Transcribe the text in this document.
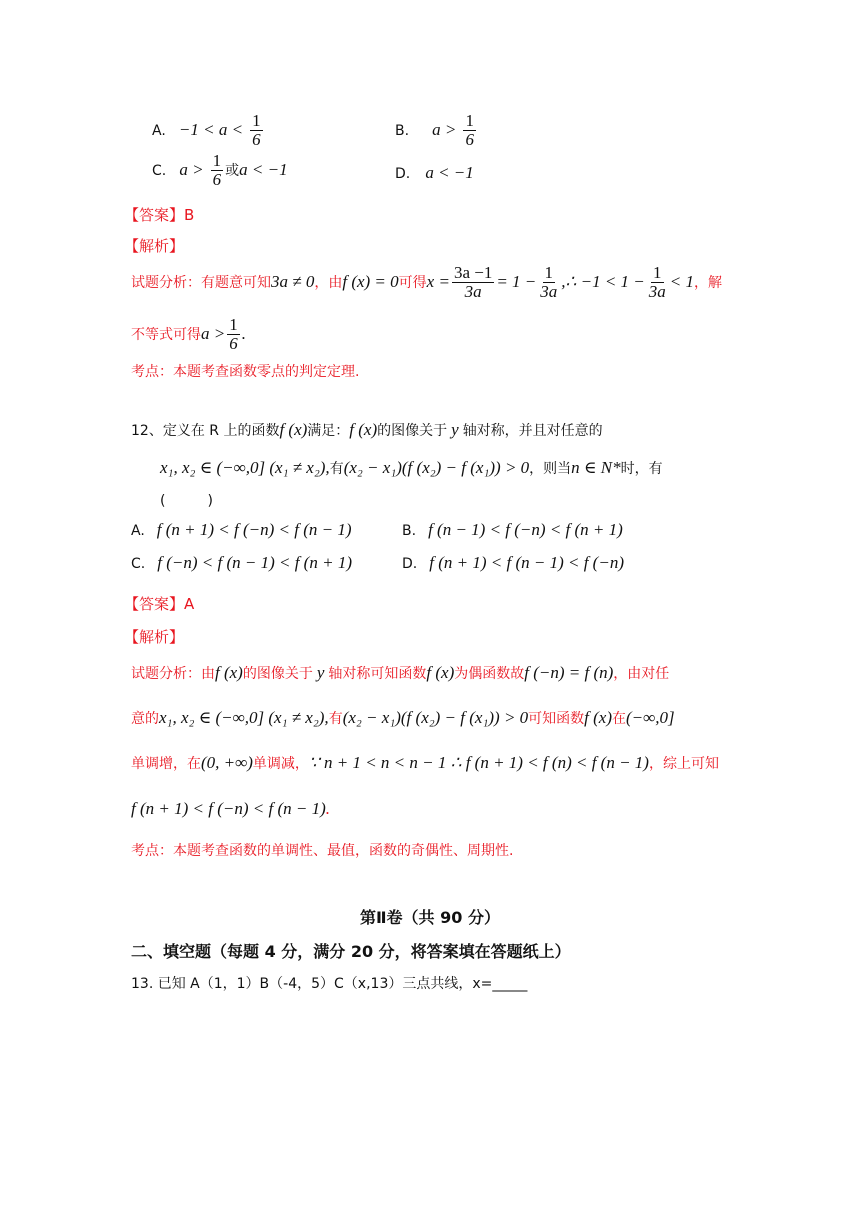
A. $-1 < a < \frac{1}{6}$	B. $a > \frac{1}{6}$
C. $a > \frac{1}{6}$ 或a < −1	D. a < −1
【答案】B
【解析】
试题分析：有题意可知3a ≠ 0，由f (x) = 0可得$x = \frac{3a -1}{3a} = 1 - \frac{1}{3a}$ ,∴ $-1 < 1 - \frac{1}{3a} < 1$，解
不等式可得$a > \frac{1}{6}$ .
考点：本题考查函数零点的判定定理.
12、定义在 R 上的函数f (x)满足：f (x)的图像关于 y 轴对称，并且对任意的
x₁, x₂ ∈ (−∞,0] (x₁ ≠ x₂),有(x₂ − x₁)(f (x₂) − f (x₁)) > 0，则当n ∈ N*时，有
(　　　)
A. f (n + 1) < f (−n) < f (n − 1)	B. f (n − 1) < f (−n) < f (n + 1)
C. f (−n) < f (n − 1) < f (n + 1)	D. f (n + 1) < f (n − 1) < f (−n)
【答案】A
【解析】
试题分析：由f (x)的图像关于 y 轴对称可知函数f (x)为偶函数故f (−n) = f (n)，由对任
意的x₁, x₂ ∈ (−∞,0] (x₁ ≠ x₂),有(x₂ − x₁)(f (x₂) − f (x₁)) > 0可知函数f (x)在(−∞,0]
单调增，在(0, +∞)单调减，∵ n + 1 < n < n − 1 ∴ f (n + 1) < f (n) < f (n − 1)，综上可知
f (n + 1) < f (−n) < f (n − 1).
考点：本题考查函数的单调性、最值，函数的奇偶性、周期性.
第Ⅱ卷（共 90 分）
二、填空题（每题 4 分，满分 20 分，将答案填在答题纸上）
13. 已知 A（1，1）B（-4，5）C（x,13）三点共线，x=_____
